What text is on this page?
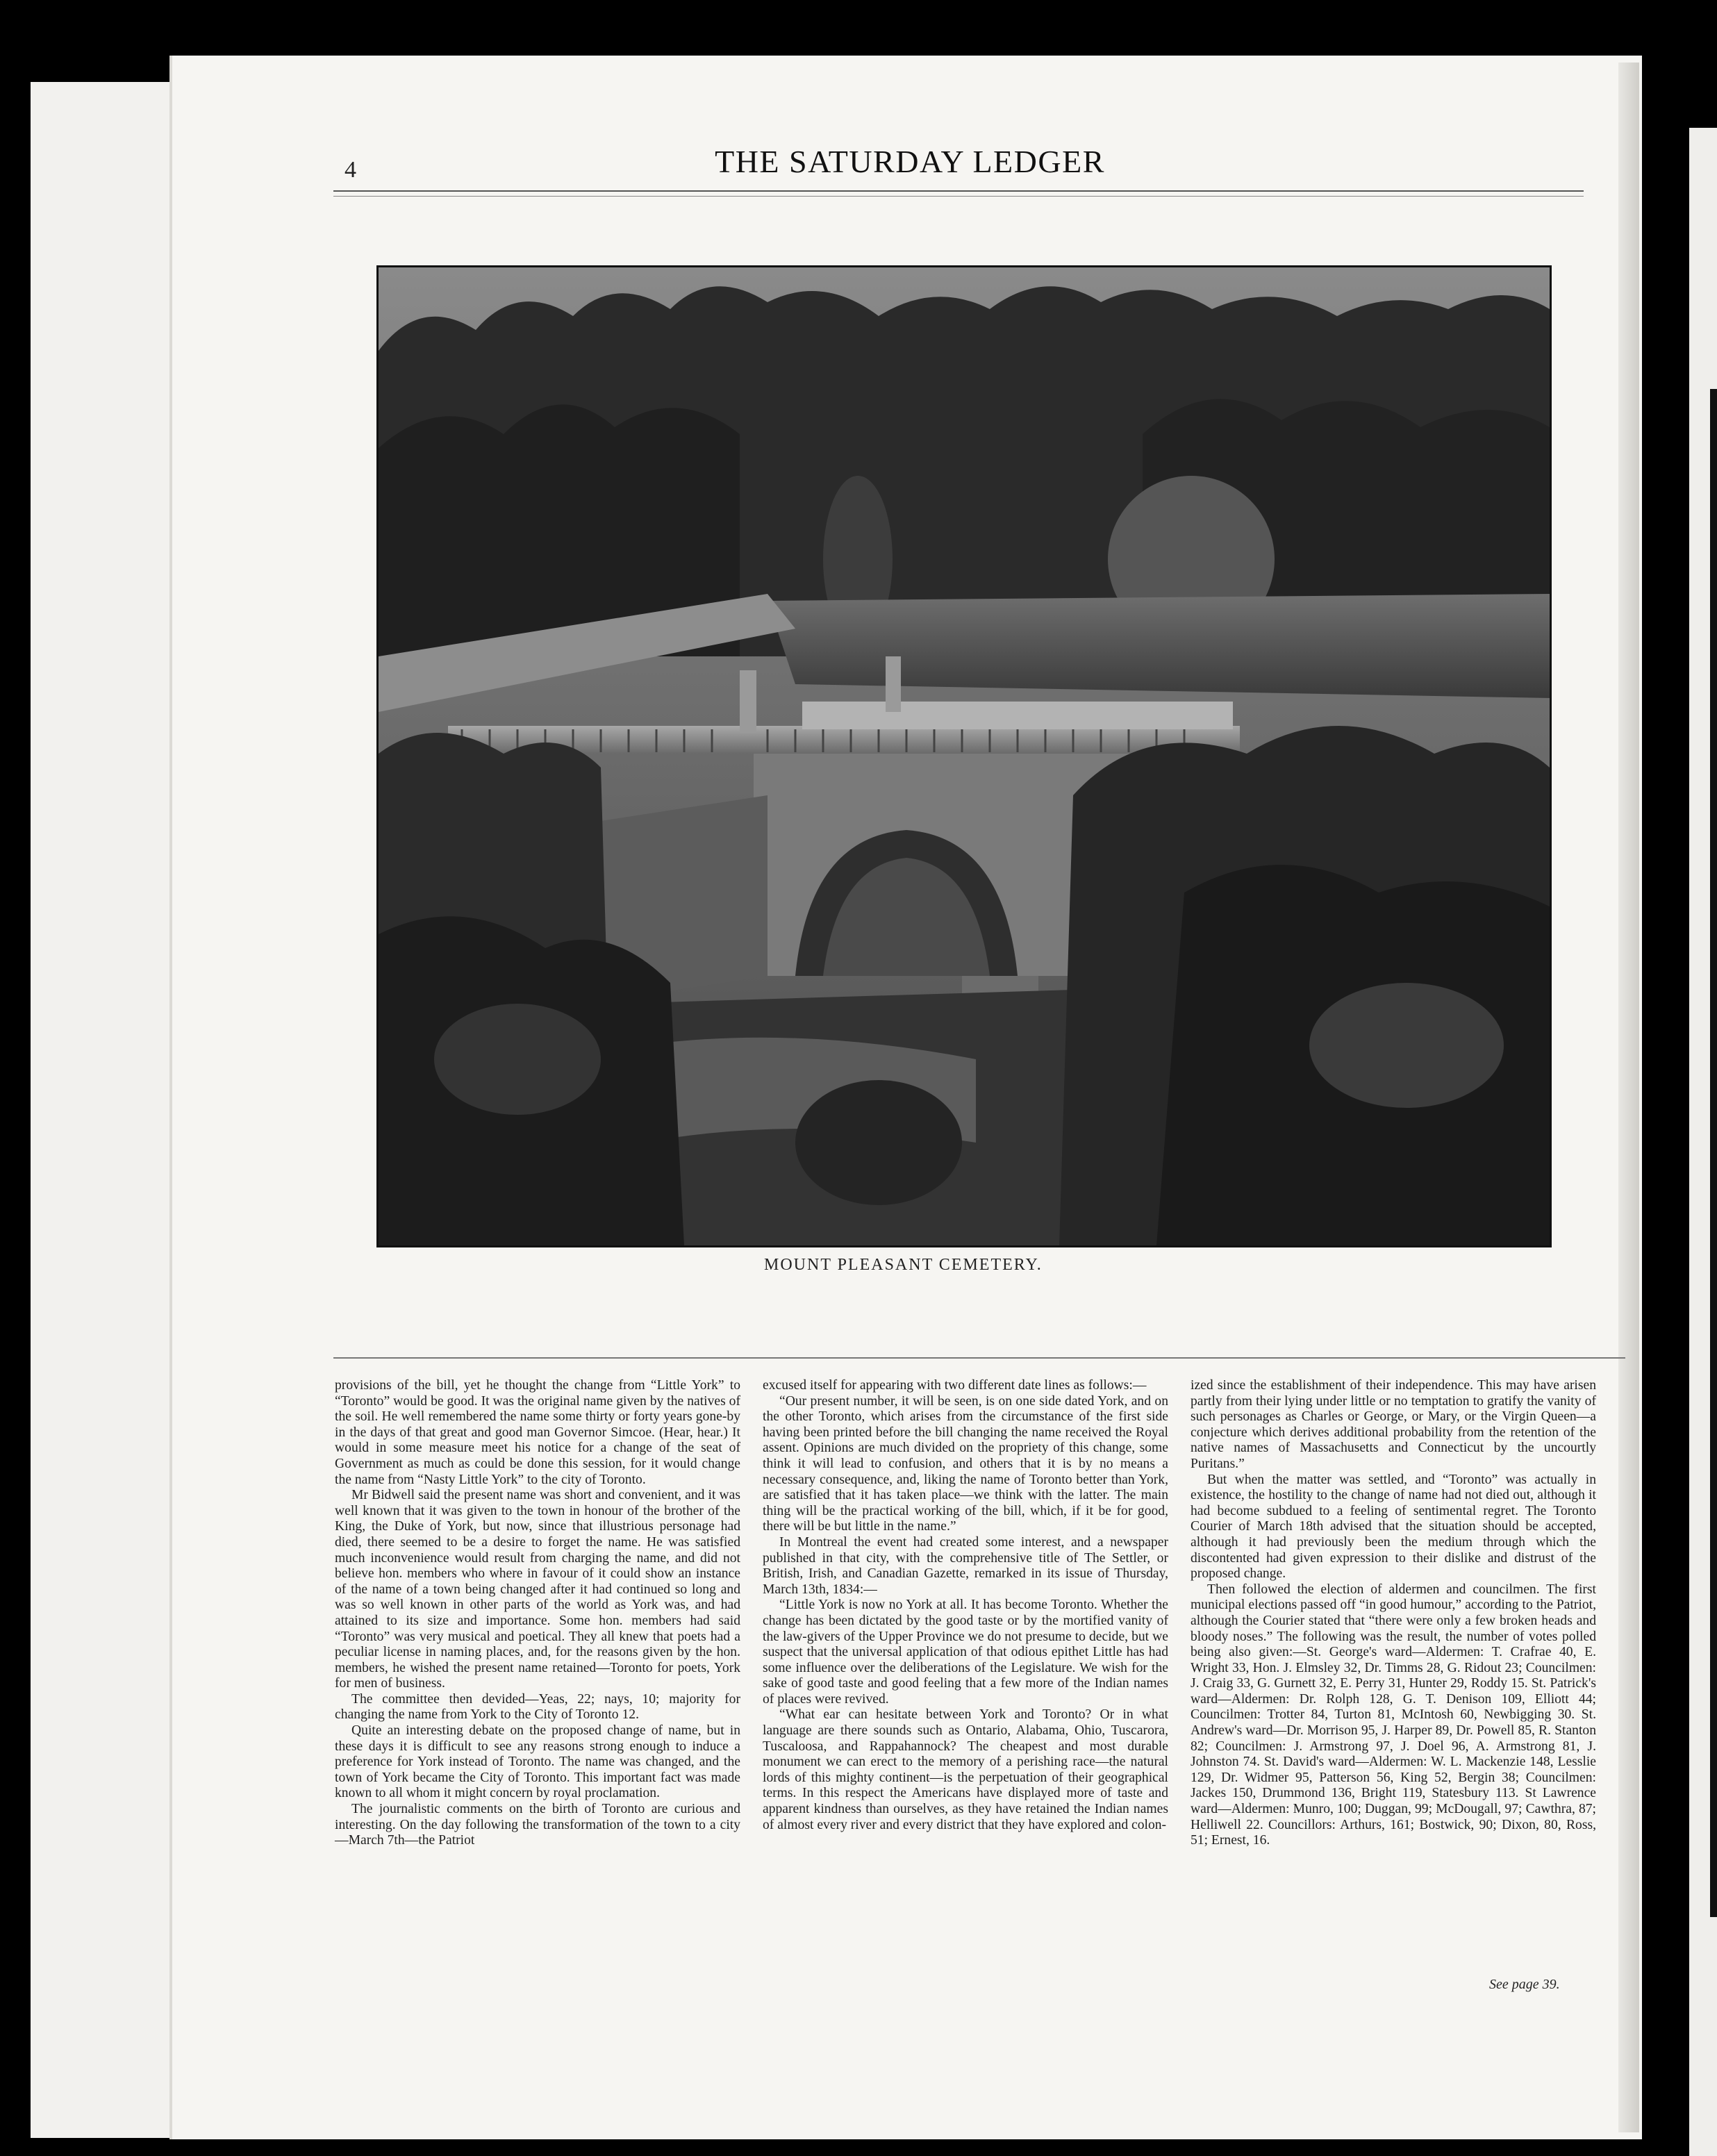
4	THE SATURDAY LEDGER
MOUNT PLEASANT CEMETERY.

provisions of the bill, yet he thought the change from “Little York” to “Toronto” would be good. It was the original name given by the natives of the soil. He well remembered the name some thirty or forty years gone-by in the days of that great and good man Governor Simcoe. (Hear, hear.) It would in some measure meet his notice for a change of the seat of Government as much as could be done this session, for it would change the name from “Nasty Little York” to the city of Toronto.

Mr Bidwell said the present name was short and convenient, and it was well known that it was given to the town in honour of the brother of the King, the Duke of York, but now, since that illustrious personage had died, there seemed to be a desire to forget the name. He was satisfied much inconvenience would result from charging the name, and did not believe hon. members who where in favour of it could show an instance of the name of a town being changed after it had continued so long and was so well known in other parts of the world as York was, and had attained to its size and importance. Some hon. members had said “Toronto” was very musical and poetical. They all knew that poets had a peculiar license in naming places, and, for the reasons given by the hon. members, he wished the present name retained—Toronto for poets, York for men of business.

The committee then devided—Yeas, 22; nays, 10; majority for changing the name from York to the City of Toronto 12.

Quite an interesting debate on the proposed change of name, but in these days it is difficult to see any reasons strong enough to induce a preference for York instead of Toronto. The name was changed, and the town of York became the City of Toronto. This important fact was made known to all whom it might concern by royal proclamation.

The journalistic comments on the birth of Toronto are curious and interesting. On the day following the transformation of the town to a city—March 7th—the Patriot

excused itself for appearing with two different date lines as follows:—

“Our present number, it will be seen, is on one side dated York, and on the other Toronto, which arises from the circumstance of the first side having been printed before the bill changing the name received the Royal assent. Opinions are much divided on the propriety of this change, some think it will lead to confusion, and others that it is by no means a necessary consequence, and, liking the name of Toronto better than York, are satisfied that it has taken place—we think with the latter. The main thing will be the practical working of the bill, which, if it be for good, there will be but little in the name.”

In Montreal the event had created some interest, and a newspaper published in that city, with the comprehensive title of The Settler, or British, Irish, and Canadian Gazette, remarked in its issue of Thursday, March 13th, 1834:—

“Little York is now no York at all. It has become Toronto. Whether the change has been dictated by the good taste or by the mortified vanity of the law-givers of the Upper Province we do not presume to decide, but we suspect that the universal application of that odious epithet Little has had some influence over the deliberations of the Legislature. We wish for the sake of good taste and good feeling that a few more of the Indian names of places were revived.

“What ear can hesitate between York and Toronto? Or in what language are there sounds such as Ontario, Alabama, Ohio, Tuscarora, Tuscaloosa, and Rappahannock? The cheapest and most durable monument we can erect to the memory of a perishing race—the natural lords of this mighty continent—is the perpetuation of their geographical terms. In this respect the Americans have displayed more of taste and apparent kindness than ourselves, as they have retained the Indian names of almost every river and every district that they have explored and colon-

ized since the establishment of their independence. This may have arisen partly from their lying under little or no temptation to gratify the vanity of such personages as Charles or George, or Mary, or the Virgin Queen—a conjecture which derives additional probability from the retention of the native names of Massachusetts and Connecticut by the uncourtly Puritans.”

But when the matter was settled, and “Toronto” was actually in existence, the hostility to the change of name had not died out, although it had become subdued to a feeling of sentimental regret. The Toronto Courier of March 18th advised that the situation should be accepted, although it had previously been the medium through which the discontented had given expression to their dislike and distrust of the proposed change.

Then followed the election of aldermen and councilmen. The first municipal elections passed off “in good humour,” according to the Patriot, although the Courier stated that “there were only a few broken heads and bloody noses.” The following was the result, the number of votes polled being also given:—St. George's ward—Aldermen: T. Crafrae 40, E. Wright 33, Hon. J. Elmsley 32, Dr. Timms 28, G. Ridout 23; Councilmen: J. Craig 33, G. Gurnett 32, E. Perry 31, Hunter 29, Roddy 15. St. Patrick's ward—Aldermen: Dr. Rolph 128, G. T. Denison 109, Elliott 44; Councilmen: Trotter 84, Turton 81, McIntosh 60, Newbigging 30. St. Andrew's ward—Dr. Morrison 95, J. Harper 89, Dr. Powell 85, R. Stanton 82; Councilmen: J. Armstrong 97, J. Doel 96, A. Armstrong 81, J. Johnston 74. St. David's ward—Aldermen: W. L. Mackenzie 148, Lesslie 129, Dr. Widmer 95, Patterson 56, King 52, Bergin 38; Councilmen: Jackes 150, Drummond 136, Bright 119, Statesbury 113. St Lawrence ward—Aldermen: Munro, 100; Duggan, 99; McDougall, 97; Cawthra, 87; Helliwell 22. Councillors: Arthurs, 161; Bostwick, 90; Dixon, 80, Ross, 51; Ernest, 16.

See page 39.
